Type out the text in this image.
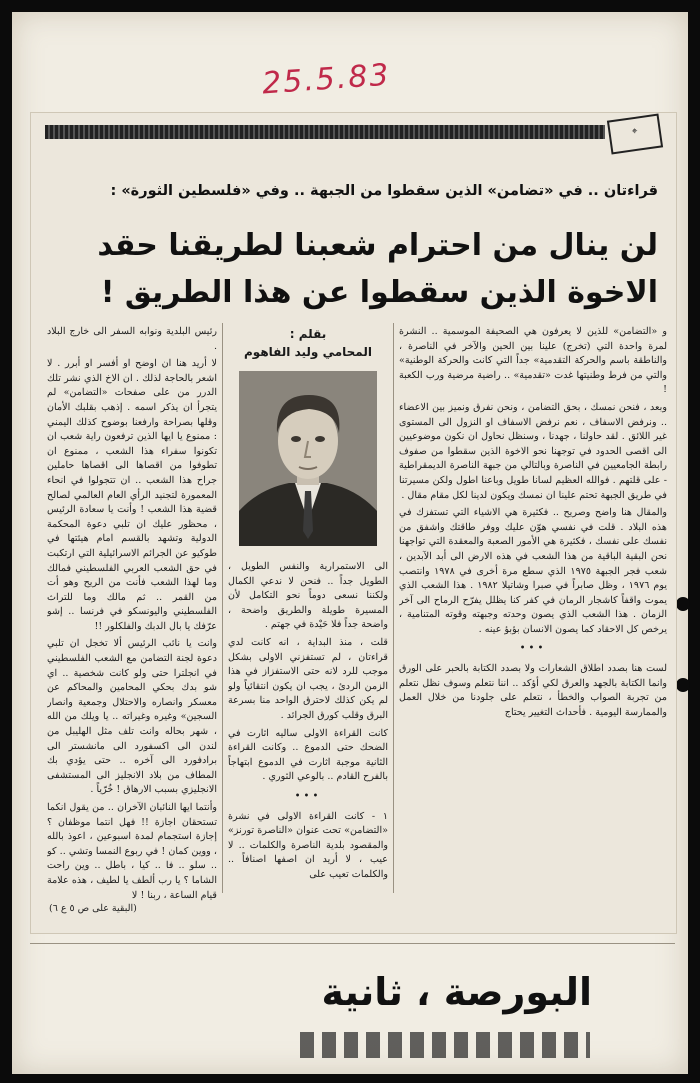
25.5.83
⌖
قراءتان .. في «تضامن» الذين سقطوا من الجبهة .. وفي «فلسطين الثورة» :
لن ينال من احترام شعبنا لطريقنا حقد
الاخوة الذين سقطوا عن هذا الطريق !

و «التضامن» للذين لا يعرفون هي الصحيفة الموسمية .. النشرة لمرة واحدة التي (تخرج) علينا بين الحين والآخر في الناصرة ، والناطقة باسم والحركة التقدمية» جداً التي كانت والحركة الوطنية» والتي من فرط وطنيتها غدت «تقدمية» .. راضية مرضية ورب الكعبة !

وبعد ، فنحن نمسك ، بحق التضامن ، ونحن نفرق ونميز بين الاعضاء .. ونرفض الاسفاف ، نعم نرفض الاسفاف او النزول الى المستوى غير اللائق . لقد حاولنا ، جهدنا ، وسنظل نحاول ان نكون موضوعيين الى اقصى الحدود في توجهنا نحو الاخوة الذين سقطوا من صفوف رابطة الجامعيين في الناصرة وبالتالي من جبهة الناصرة الديمقراطية - على قلتهم . فوالله العظيم لسانا طويل وباعنا اطول ولكن مسيرتنا في طريق الجبهة تحتم علينا ان نمسك ويكون لدينا لكل مقام مقال .

والمقال هنا واضح وصريح .. فكثيرة هي الاشياء التي تستفزك في هذه البلاد . قلت في نفسي هوّن عليك ووفر طاقتك واشفق من نفسك على نفسك ، فكثيرة هي الأمور الصعبة والمعقدة التي تواجهنا نحن البقية الباقية من هذا الشعب في هذه الارض الى أبد الآبدين ، شعب فجر الجبهة ١٩٧٥ الذي سطع مرة أخرى في ١٩٧٨ وانتصب يوم ١٩٧٦ ، وظل صابراً في صبرا وشاتيلا ١٩٨٢ . هذا الشعب الذي يموت واقفاً كاشجار الرمان في كفر كنا يظلل يفرّح الرماح الى آخر الزمان . هذا الشعب الذي يصون وحدته وجبهته وقوته المتنامية ، يرخص كل الاحقاد كما يصون الانسان بؤبؤ عينه .

•••

لست هنا بصدد اطلاق الشعارات ولا بصدد الكتابة بالحبر على الورق وانما الكتابة بالجهد والعرق لكي أؤكد .. اننا نتعلم وسوف نظل نتعلم من تجربة الصواب والخطأ ، نتعلم على جلودنا من خلال العمل والممارسة اليومية . فأحداث التغيير يحتاج

بقلم :
المحامي وليد الفاهوم

الى الاستمرارية والنفس الطويل ، الطويل جداً .. فنحن لا ندعي الكمال ولكننا نسعى دوماً نحو التكامل لأن المسيرة طويلة والطريق واضحة ، واضحة جداً فلا حَيْدة في جهتم .

قلت ، منذ البداية ، انه كانت لدي قراءتان ، لم تستفزني الاولى بشكل موجب للرد لانه حتى الاستفزاز في هذا الزمن الردئ ، يجب ان يكون انتقائياً ولو لم يكن كذلك لاحترق الواحد منا بسرعة البرق وقلب كورق الجرائد .

كانت القراءة الاولى ساليه اثارت في الضحك حتى الدموع .. وكانت القراءة الثانية موجبة اثارت في الدموع ابتهاجاً بالفرح القادم .. بالوعي الثوري .

•••

١ - كانت القراءة الاولى في نشرة «التضامن» تحت عنوان «الناصرة تورنز» والمقصود بلدية الناصرة والكلمات .. لا عيب ، لا أريد ان اصفها اصنافاً .. والكلمات تعيب على

رئيس البلدية ونوابه السفر الى خارج البلاد .

لا أريد هنا ان اوضح او أفسر او أبرر . لا اشعر بالحاجة لذلك . ان الاخ الذي نشر تلك الدرر من على صفحات «التضامن» لم يتجرأ ان يذكر اسمه . إذهب بقلبك الأمان وقلها بصراحة وارفعنا بوضوح كذلك اليمني : ممنوع يا ايها الذين ترفعون راية شعب ان تكونوا سفراء هذا الشعب ، ممنوع ان تطوفوا من اقصاها الى اقصاها حاملين جراح هذا الشعب .. ان تتجولوا في انحاء المعمورة لتجنيد الرأي العام العالمي لصالح قضية هذا الشعب ! وأنت يا سعادة الرئيس ، محظور عليك ان تلبي دعوة المحكمة الدولية وتشهد بالقسم امام هيئتها في طوكيو عن الجرائم الاسرائيلية التي ارتكبت في حق الشعب العربي الفلسطيني فمالك وما لهذا الشعب فأنت من الريح وهو أت من القمر .. ثم مالك وما للتراث الفلسطيني واليونسكو في فرنسا .. إشو عرّفك يا بال الدبك والفلكلور !!

وانت يا نائب الرئيس ألا تخجل ان تلبي دعوة لجنة التضامن مع الشعب الفلسطيني في انجلترا حتى ولو كانت شخصية .. اي شو بدك بحكي المحامين والمحاكم عن معسكر وانصاره والاحتلال وجمعية وانصار السجين» وغيره وغيراته .. يا ويلك من الله ، شهر بحاله وانت تلف مثل الهليبل من لندن الى اكسفورد الى مانشستر الى برادفورد الى آخره .. حتى يؤدي بك المطاف من بلاد الانجليز الى المستشفى الانجليزي بسبب الارهاق ! خُرّياً .

وأنتما ايها النائبان الآخران .. من يقول انكما تستحقان اجازة !! فهل انتما موظفان ؟ إجازة استجمام لمدة اسبوعين ، اعوذ بالله ، ووين كمان ! في ربوع النمسا وتشي .. كو .. سلو .. فا .. كيا ، باطل .. وين راحت الشاما ؟ يا رب ألطف يا لطيف ، هذه علامة قيام الساعة ، ربنا ! لا

(البقية على ص ٥ ع ٦)
البورصة ، ثانية
